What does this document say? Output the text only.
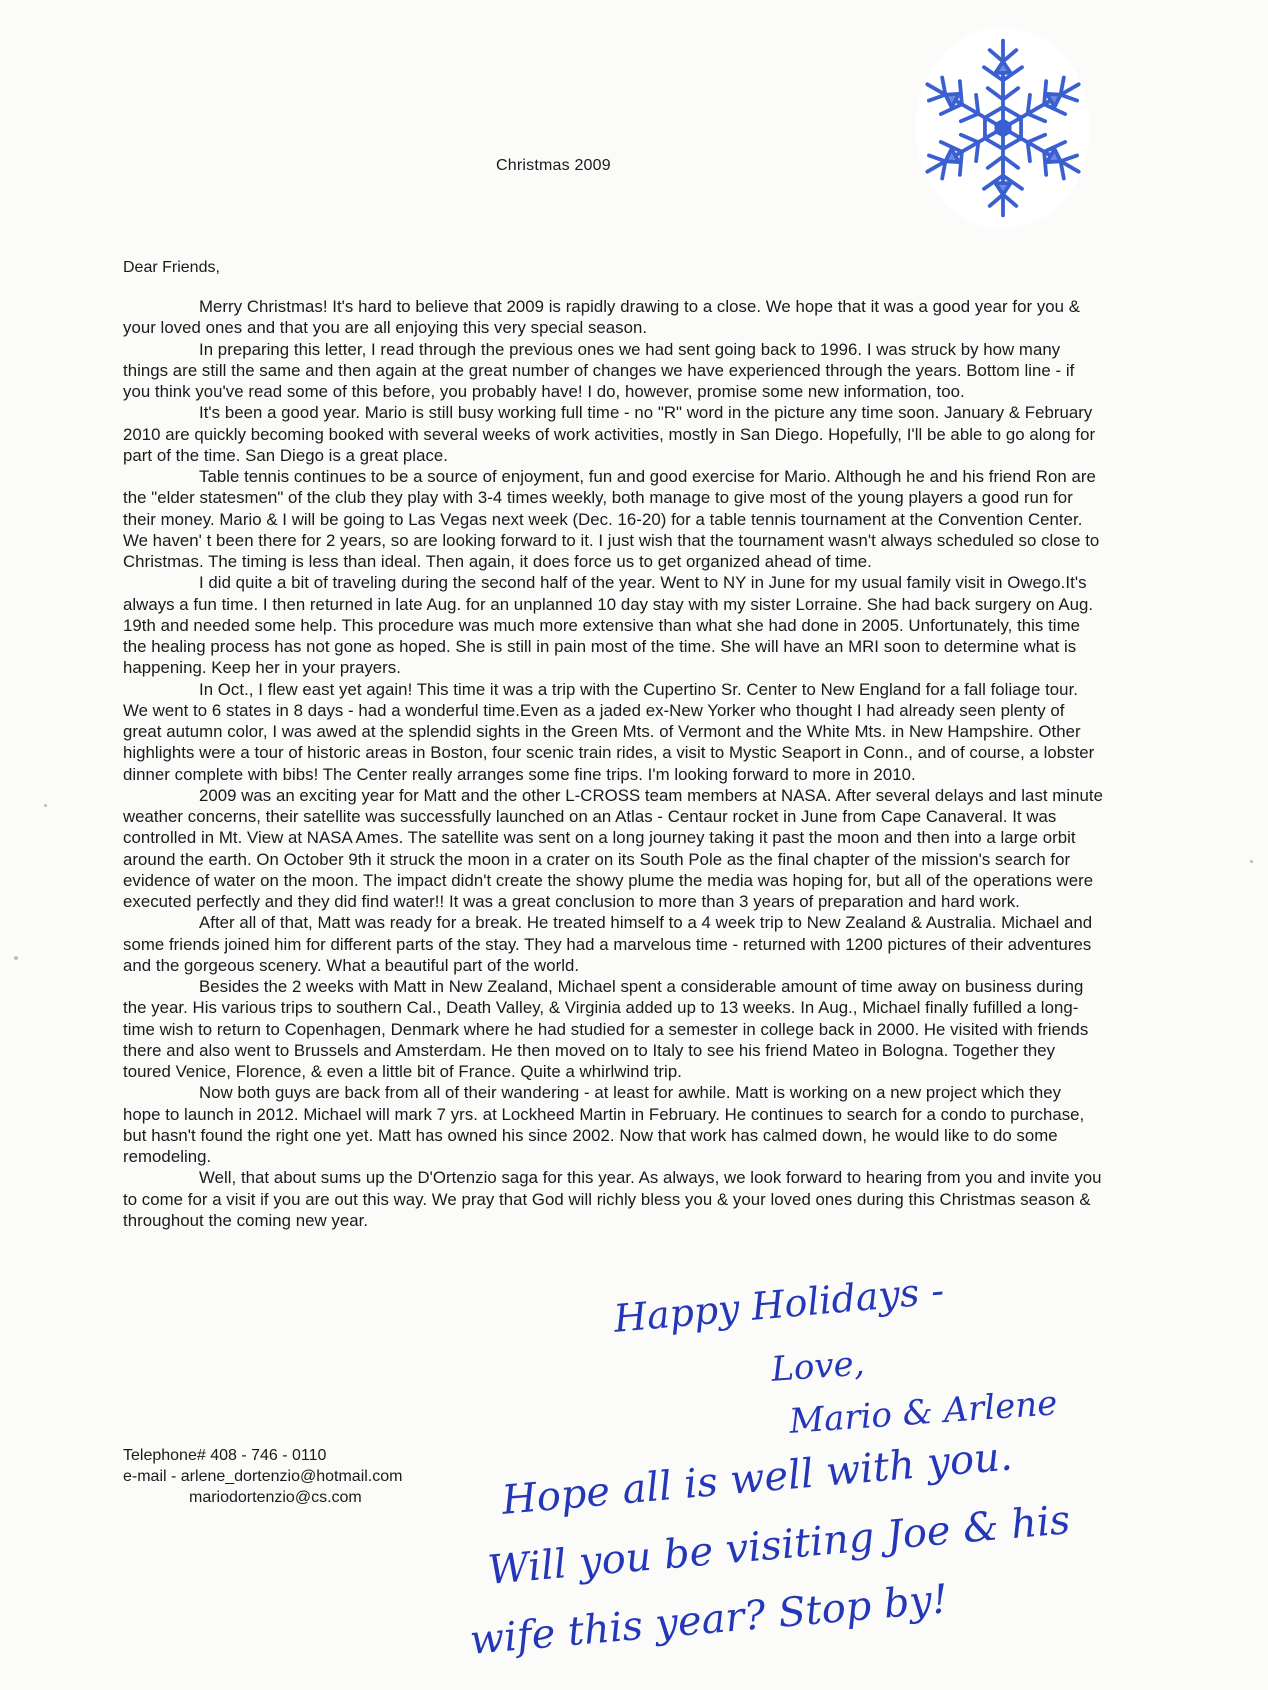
Christmas 2009
Dear Friends,

Merry Christmas! It's hard to believe that 2009 is rapidly drawing to a close. We hope that it was a good year for you & your loved ones and that you are all enjoying this very special season.

In preparing this letter, I read through the previous ones we had sent going back to 1996. I was struck by how many things are still the same and then again at the great number of changes we have experienced through the years. Bottom line - if you think you've read some of this before, you probably have! I do, however, promise some new information, too.

It's been a good year. Mario is still busy working full time - no "R" word in the picture any time soon. January & February 2010 are quickly becoming booked with several weeks of work activities, mostly in San Diego. Hopefully, I'll be able to go along for part of the time. San Diego is a great place.

Table tennis continues to be a source of enjoyment, fun and good exercise for Mario. Although he and his friend Ron are the "elder statesmen" of the club they play with 3-4 times weekly, both manage to give most of the young players a good run for their money. Mario & I will be going to Las Vegas next week (Dec. 16-20) for a table tennis tournament at the Convention Center. We haven' t been there for 2 years, so are looking forward to it. I just wish that the tournament wasn't always scheduled so close to Christmas. The timing is less than ideal. Then again, it does force us to get organized ahead of time.

I did quite a bit of traveling during the second half of the year. Went to NY in June for my usual family visit in Owego.It's always a fun time. I then returned in late Aug. for an unplanned 10 day stay with my sister Lorraine. She had back surgery on Aug. 19th and needed some help. This procedure was much more extensive than what she had done in 2005. Unfortunately, this time the healing process has not gone as hoped. She is still in pain most of the time. She will have an MRI soon to determine what is happening. Keep her in your prayers.

In Oct., I flew east yet again! This time it was a trip with the Cupertino Sr. Center to New England for a fall foliage tour. We went to 6 states in 8 days - had a wonderful time.Even as a jaded ex-New Yorker who thought I had already seen plenty of great autumn color, I was awed at the splendid sights in the Green Mts. of Vermont and the White Mts. in New Hampshire. Other highlights were a tour of historic areas in Boston, four scenic train rides, a visit to Mystic Seaport in Conn., and of course, a lobster dinner complete with bibs! The Center really arranges some fine trips. I'm looking forward to more in 2010.

2009 was an exciting year for Matt and the other L-CROSS team members at NASA. After several delays and last minute weather concerns, their satellite was successfully launched on an Atlas - Centaur rocket in June from Cape Canaveral. It was controlled in Mt. View at NASA Ames. The satellite was sent on a long journey taking it past the moon and then into a large orbit around the earth. On October 9th it struck the moon in a crater on its South Pole as the final chapter of the mission's search for evidence of water on the moon. The impact didn't create the showy plume the media was hoping for, but all of the operations were executed perfectly and they did find water!! It was a great conclusion to more than 3 years of preparation and hard work.

After all of that, Matt was ready for a break. He treated himself to a 4 week trip to New Zealand & Australia. Michael and some friends joined him for different parts of the stay. They had a marvelous time - returned with 1200 pictures of their adventures and the gorgeous scenery. What a beautiful part of the world.

Besides the 2 weeks with Matt in New Zealand, Michael spent a considerable amount of time away on business during the year. His various trips to southern Cal., Death Valley, & Virginia added up to 13 weeks. In Aug., Michael finally fufilled a long-time wish to return to Copenhagen, Denmark where he had studied for a semester in college back in 2000. He visited with friends there and also went to Brussels and Amsterdam. He then moved on to Italy to see his friend Mateo in Bologna. Together they toured Venice, Florence, & even a little bit of France. Quite a whirlwind trip.

Now both guys are back from all of their wandering - at least for awhile. Matt is working on a new project which they hope to launch in 2012. Michael will mark 7 yrs. at Lockheed Martin in February. He continues to search for a condo to purchase, but hasn't found the right one yet. Matt has owned his since 2002. Now that work has calmed down, he would like to do some remodeling.

Well, that about sums up the D'Ortenzio saga for this year. As always, we look forward to hearing from you and invite you to come for a visit if you are out this way. We pray that God will richly bless you & your loved ones during this Christmas season & throughout the coming new year.

Telephone# 408 - 746 - 0110
e-mail - arlene_dortenzio@hotmail.com
mariodortenzio@cs.com
Happy Holidays -
Love,
Mario & Arlene
Hope all is well with you.
Will you be visiting Joe & his
wife this year? Stop by!
